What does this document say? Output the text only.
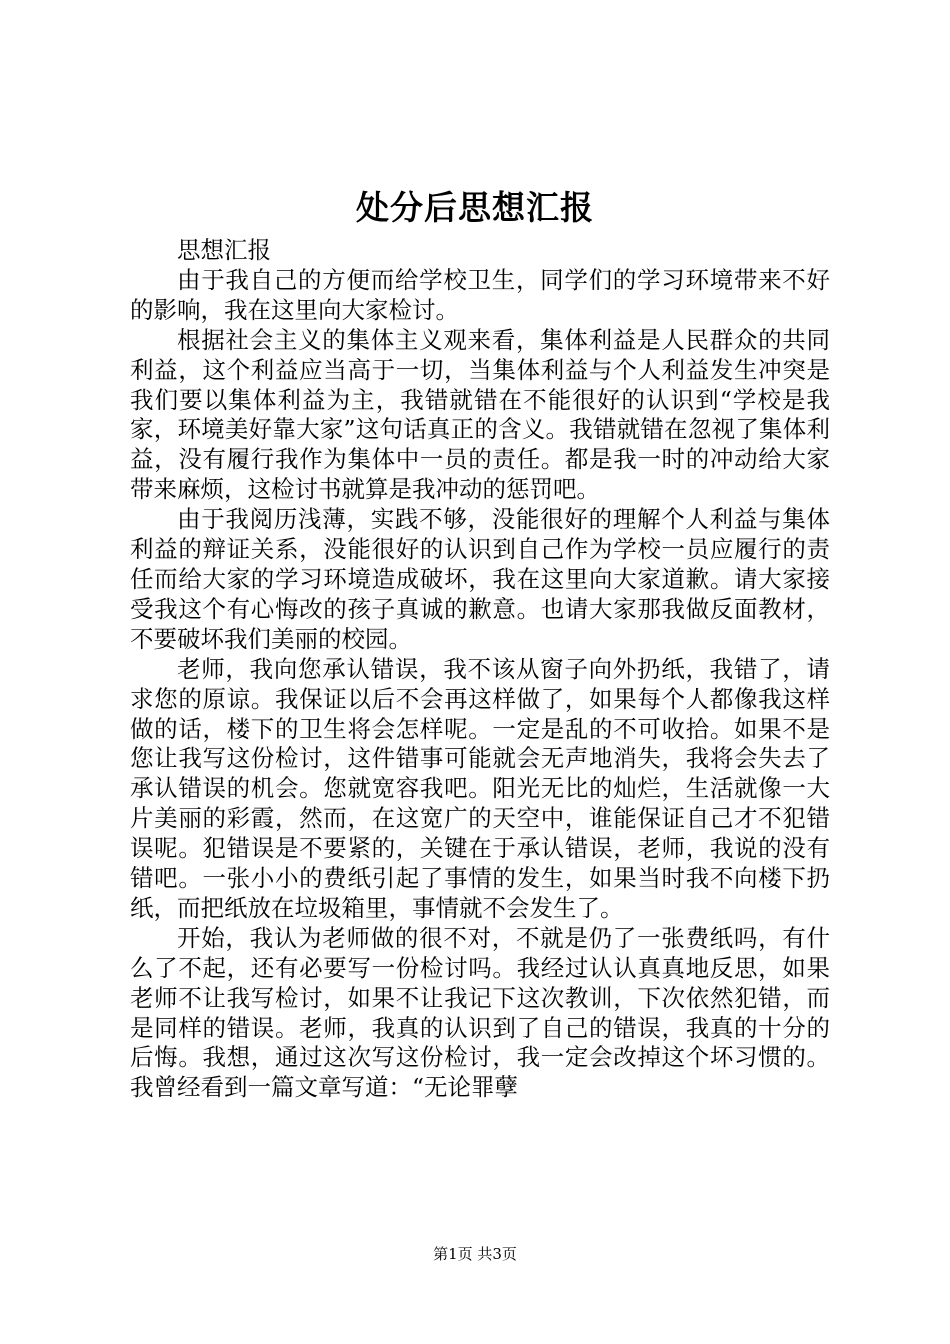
处分后思想汇报

思想汇报

由于我自己的方便而给学校卫生，同学们的学习环境带来不好的影响，我在这里向大家检讨。

根据社会主义的集体主义观来看，集体利益是人民群众的共同利益，这个利益应当高于一切，当集体利益与个人利益发生冲突是我们要以集体利益为主，我错就错在不能很好的认识到“学校是我家，环境美好靠大家”这句话真正的含义。我错就错在忽视了集体利益，没有履行我作为集体中一员的责任。都是我一时的冲动给大家带来麻烦，这检讨书就算是我冲动的惩罚吧。

由于我阅历浅薄，实践不够，没能很好的理解个人利益与集体利益的辩证关系，没能很好的认识到自己作为学校一员应履行的责任而给大家的学习环境造成破坏，我在这里向大家道歉。请大家接受我这个有心悔改的孩子真诚的歉意。也请大家那我做反面教材，不要破坏我们美丽的校园。

老师，我向您承认错误，我不该从窗子向外扔纸，我错了，请求您的原谅。我保证以后不会再这样做了，如果每个人都像我这样做的话，楼下的卫生将会怎样呢。一定是乱的不可收拾。如果不是您让我写这份检讨，这件错事可能就会无声地消失，我将会失去了承认错误的机会。您就宽容我吧。阳光无比的灿烂，生活就像一大片美丽的彩霞，然而，在这宽广的天空中，谁能保证自己才不犯错误呢。犯错误是不要紧的，关键在于承认错误，老师，我说的没有错吧。一张小小的费纸引起了事情的发生，如果当时我不向楼下扔纸，而把纸放在垃圾箱里，事情就不会发生了。

开始，我认为老师做的很不对，不就是仍了一张费纸吗，有什么了不起，还有必要写一份检讨吗。我经过认认真真地反思，如果老师不让我写检讨，如果不让我记下这次教训，下次依然犯错，而是同样的错误。老师，我真的认识到了自己的错误，我真的十分的后悔。我想，通过这次写这份检讨，我一定会改掉这个坏习惯的。我曾经看到一篇文章写道：“无论罪孽

第1页 共3页
